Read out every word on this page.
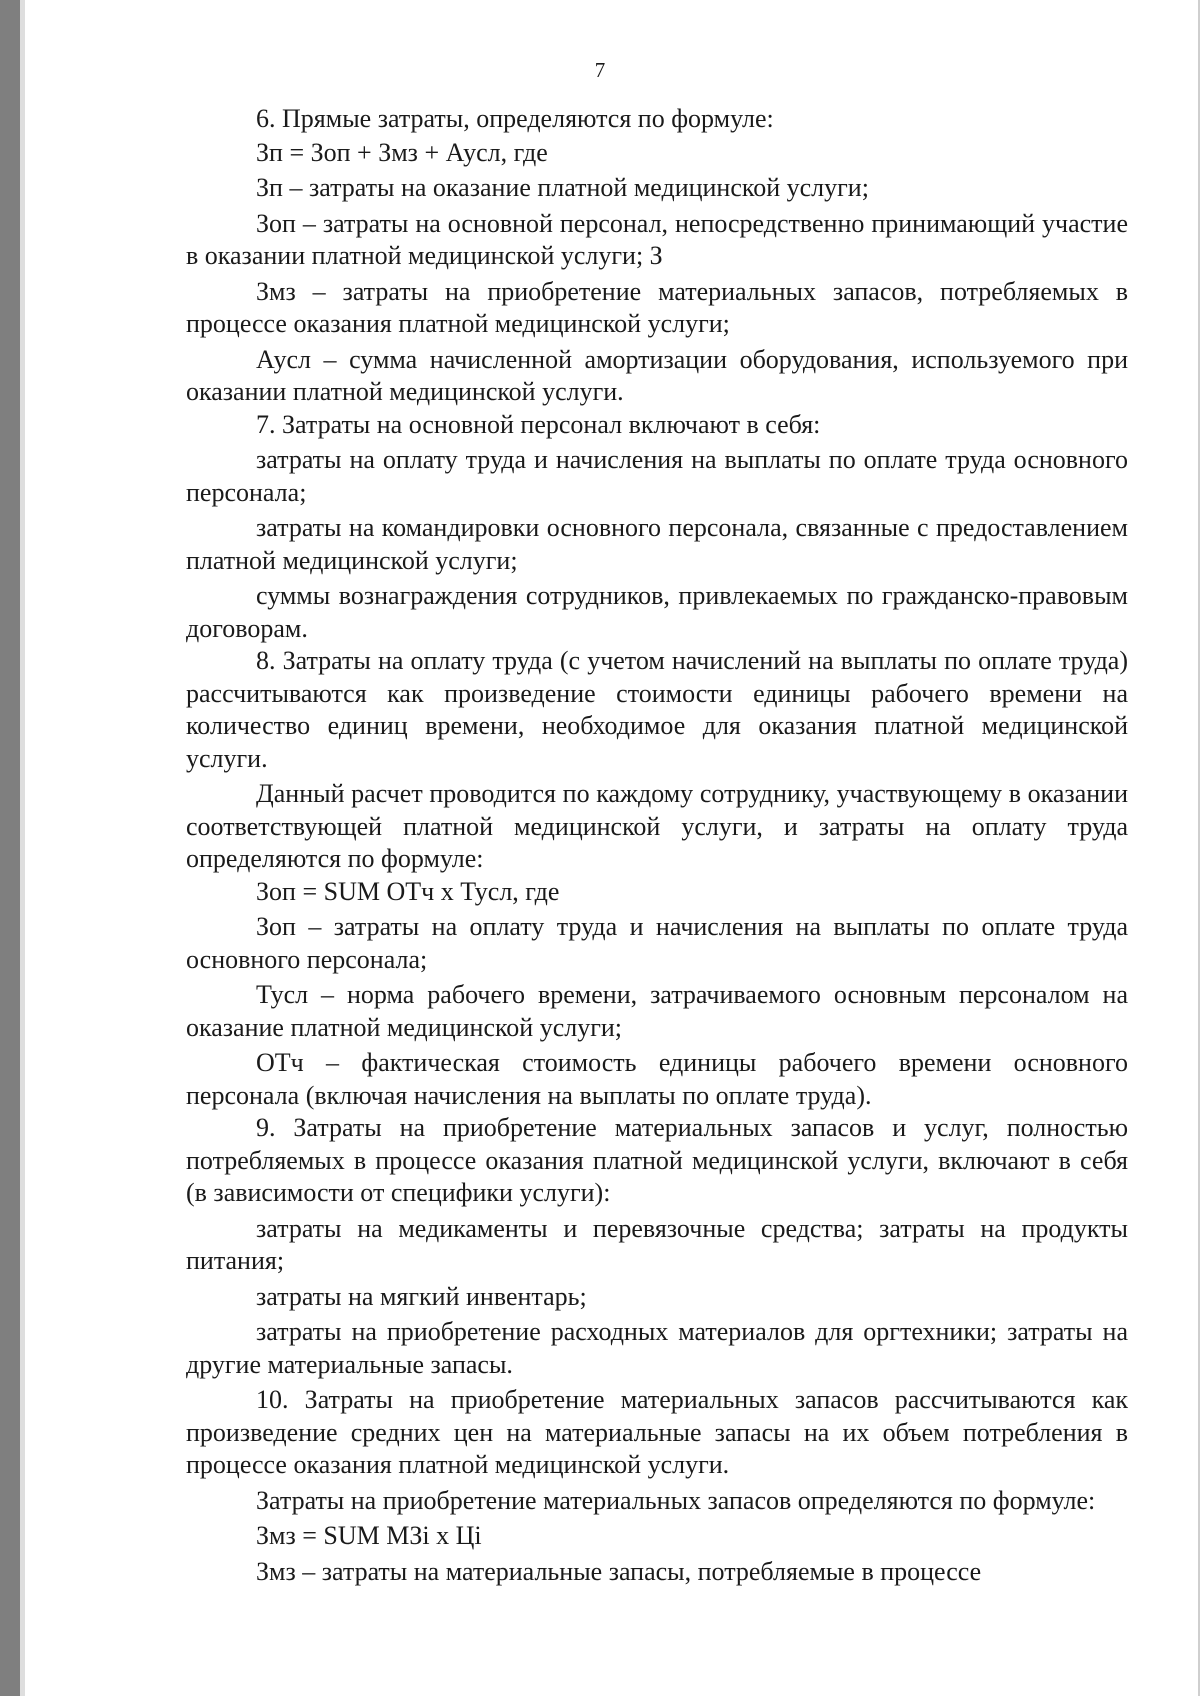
7

6. Прямые затраты, определяются по формуле:

Зп = Зоп + Змз + Аусл, где

Зп – затраты на оказание платной медицинской услуги;

Зоп – затраты на основной персонал, непосредственно принимающий участие в оказании платной медицинской услуги; З

Змз – затраты на приобретение материальных запасов, потребляемых в процессе оказания платной медицинской услуги;

Аусл – сумма начисленной амортизации оборудования, используемого при оказании платной медицинской услуги.

7. Затраты на основной персонал включают в себя:

затраты на оплату труда и начисления на выплаты по оплате труда основного персонала;

затраты на командировки основного персонала, связанные с предоставлением платной медицинской услуги;

суммы вознаграждения сотрудников, привлекаемых по гражданско-правовым договорам.

8. Затраты на оплату труда (с учетом начислений на выплаты по оплате труда) рассчитываются как произведение стоимости единицы рабочего времени на количество единиц времени, необходимое для оказания платной медицинской услуги.

Данный расчет проводится по каждому сотруднику, участвующему в оказании соответствующей платной медицинской услуги, и затраты на оплату труда определяются по формуле:

Зоп = SUM ОТч х Тусл, где

Зоп – затраты на оплату труда и начисления на выплаты по оплате труда основного персонала;

Тусл – норма рабочего времени, затрачиваемого основным персоналом на оказание платной медицинской услуги;

ОТч – фактическая стоимость единицы рабочего времени основного персонала (включая начисления на выплаты по оплате труда).

9. Затраты на приобретение материальных запасов и услуг, полностью потребляемых в процессе оказания платной медицинской услуги, включают в себя (в зависимости от специфики услуги):

затраты на медикаменты и перевязочные средства; затраты на продукты питания;

затраты на мягкий инвентарь;

затраты на приобретение расходных материалов для оргтехники; затраты на другие материальные запасы.

10. Затраты на приобретение материальных запасов рассчитываются как произведение средних цен на материальные запасы на их объем потребления в процессе оказания платной медицинской услуги.

Затраты на приобретение материальных запасов определяются по формуле:

Змз = SUM МЗі х Ці

Змз – затраты на материальные запасы, потребляемые в процессе
